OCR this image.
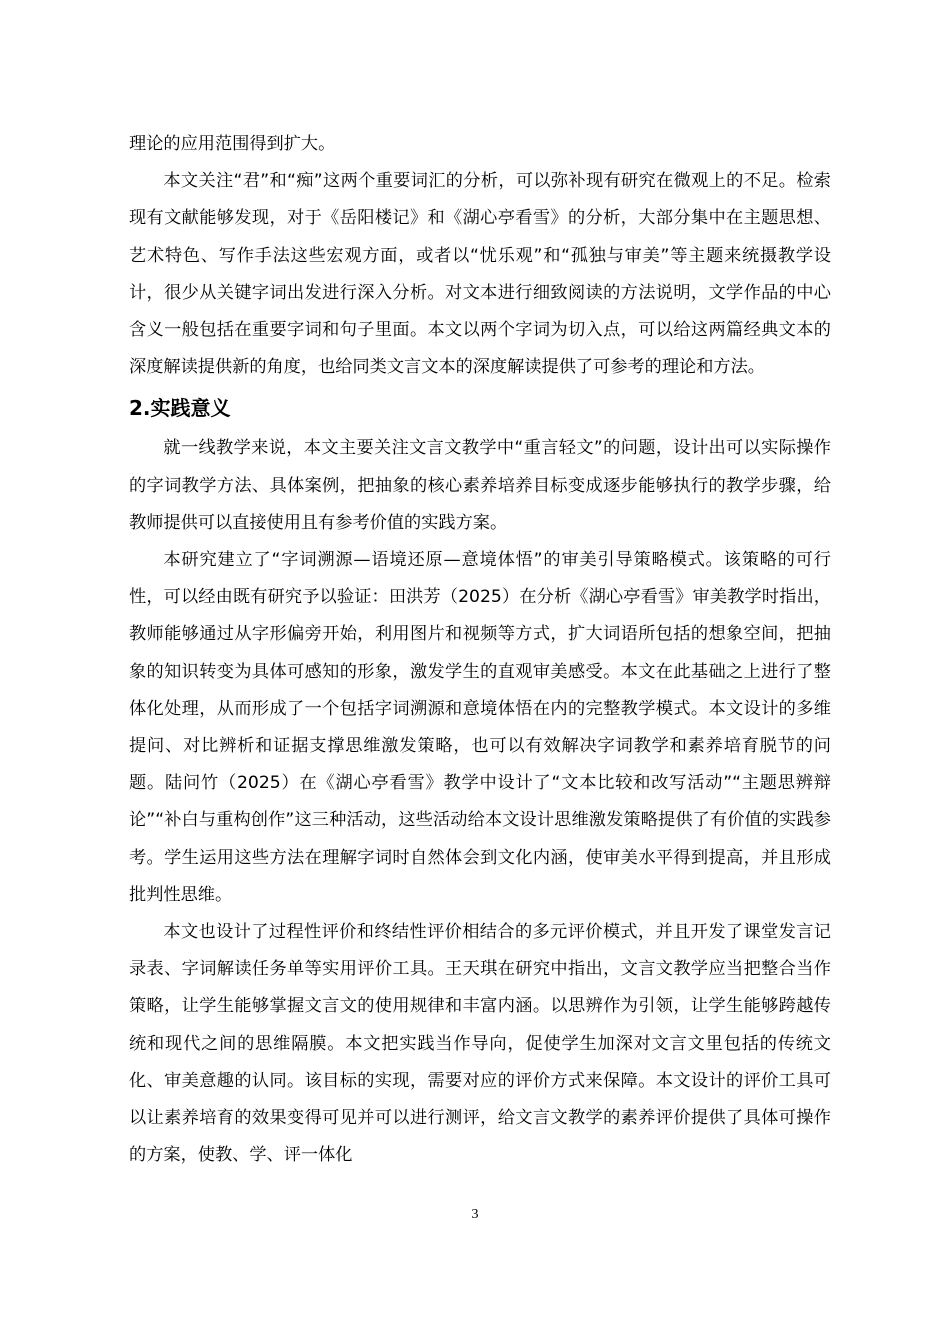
理论的应用范围得到扩大。

本文关注“君”和“痴”这两个重要词汇的分析，可以弥补现有研究在微观上的不足。检索现有文献能够发现，对于《岳阳楼记》和《湖心亭看雪》的分析，大部分集中在主题思想、艺术特色、写作手法这些宏观方面，或者以“忧乐观”和“孤独与审美”等主题来统摄教学设计，很少从关键字词出发进行深入分析。对文本进行细致阅读的方法说明，文学作品的中心含义一般包括在重要字词和句子里面。本文以两个字词为切入点，可以给这两篇经典文本的深度解读提供新的角度，也给同类文言文本的深度解读提供了可参考的理论和方法。

2.实践意义

就一线教学来说，本文主要关注文言文教学中“重言轻文”的问题，设计出可以实际操作的字词教学方法、具体案例，把抽象的核心素养培养目标变成逐步能够执行的教学步骤，给教师提供可以直接使用且有参考价值的实践方案。

本研究建立了“字词溯源—语境还原—意境体悟”的审美引导策略模式。该策略的可行性，可以经由既有研究予以验证：田洪芳（2025）在分析《湖心亭看雪》审美教学时指出，教师能够通过从字形偏旁开始，利用图片和视频等方式，扩大词语所包括的想象空间，把抽象的知识转变为具体可感知的形象，激发学生的直观审美感受。本文在此基础之上进行了整体化处理，从而形成了一个包括字词溯源和意境体悟在内的完整教学模式。本文设计的多维提问、对比辨析和证据支撑思维激发策略，也可以有效解决字词教学和素养培育脱节的问题。陆问竹（2025）在《湖心亭看雪》教学中设计了“文本比较和改写活动”“主题思辨辩论”“补白与重构创作”这三种活动，这些活动给本文设计思维激发策略提供了有价值的实践参考。学生运用这些方法在理解字词时自然体会到文化内涵，使审美水平得到提高，并且形成批判性思维。

本文也设计了过程性评价和终结性评价相结合的多元评价模式，并且开发了课堂发言记录表、字词解读任务单等实用评价工具。王天琪在研究中指出，文言文教学应当把整合当作策略，让学生能够掌握文言文的使用规律和丰富内涵。以思辨作为引领，让学生能够跨越传统和现代之间的思维隔膜。本文把实践当作导向，促使学生加深对文言文里包括的传统文化、审美意趣的认同。该目标的实现，需要对应的评价方式来保障。本文设计的评价工具可以让素养培育的效果变得可见并可以进行测评，给文言文教学的素养评价提供了具体可操作的方案，使教、学、评一体化

3
